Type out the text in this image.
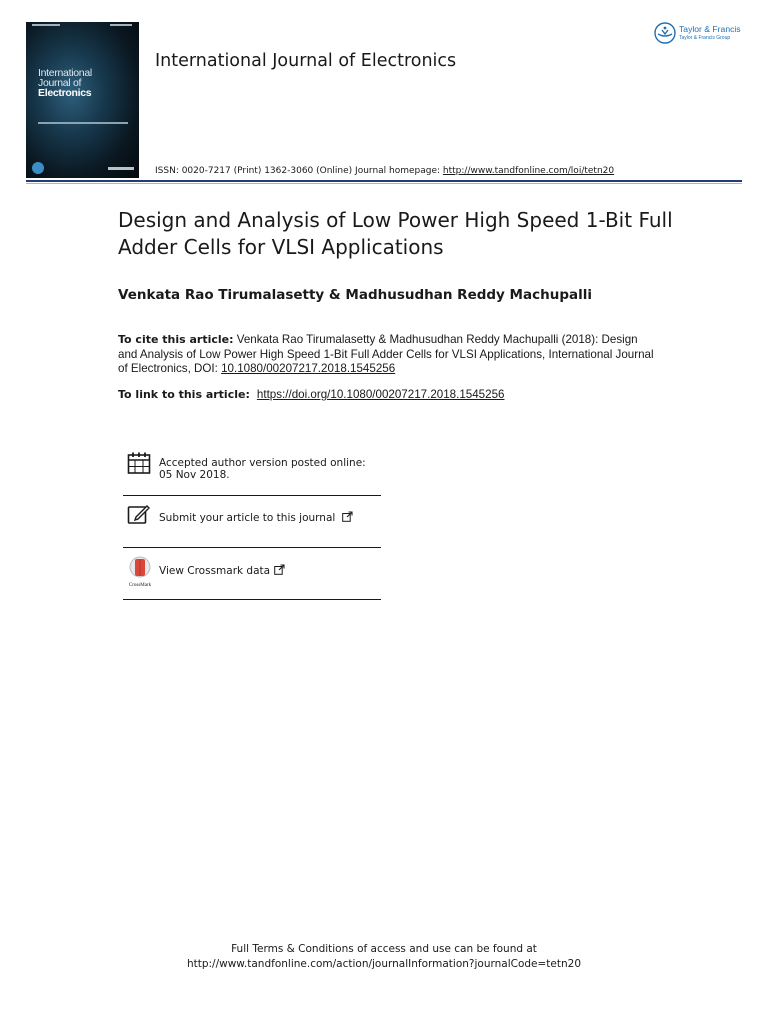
International
Journal of
Electronics
International Journal of Electronics
ISSN: 0020-7217 (Print) 1362-3060 (Online) Journal homepage: http://www.tandfonline.com/loi/tetn20
Taylor & Francis
Taylor & Francis Group
Design and Analysis of Low Power High Speed 1-Bit Full Adder Cells for VLSI Applications
Venkata Rao Tirumalasetty & Madhusudhan Reddy Machupalli
To cite this article: Venkata Rao Tirumalasetty & Madhusudhan Reddy Machupalli (2018): Design and Analysis of Low Power High Speed 1-Bit Full Adder Cells for VLSI Applications, International Journal of Electronics, DOI: 10.1080/00207217.2018.1545256
To link to this article:  https://doi.org/10.1080/00207217.2018.1545256
Accepted author version posted online: 05 Nov 2018.
Submit your article to this journal
CrossMark
View Crossmark data
Full Terms & Conditions of access and use can be found at
http://www.tandfonline.com/action/journalInformation?journalCode=tetn20
